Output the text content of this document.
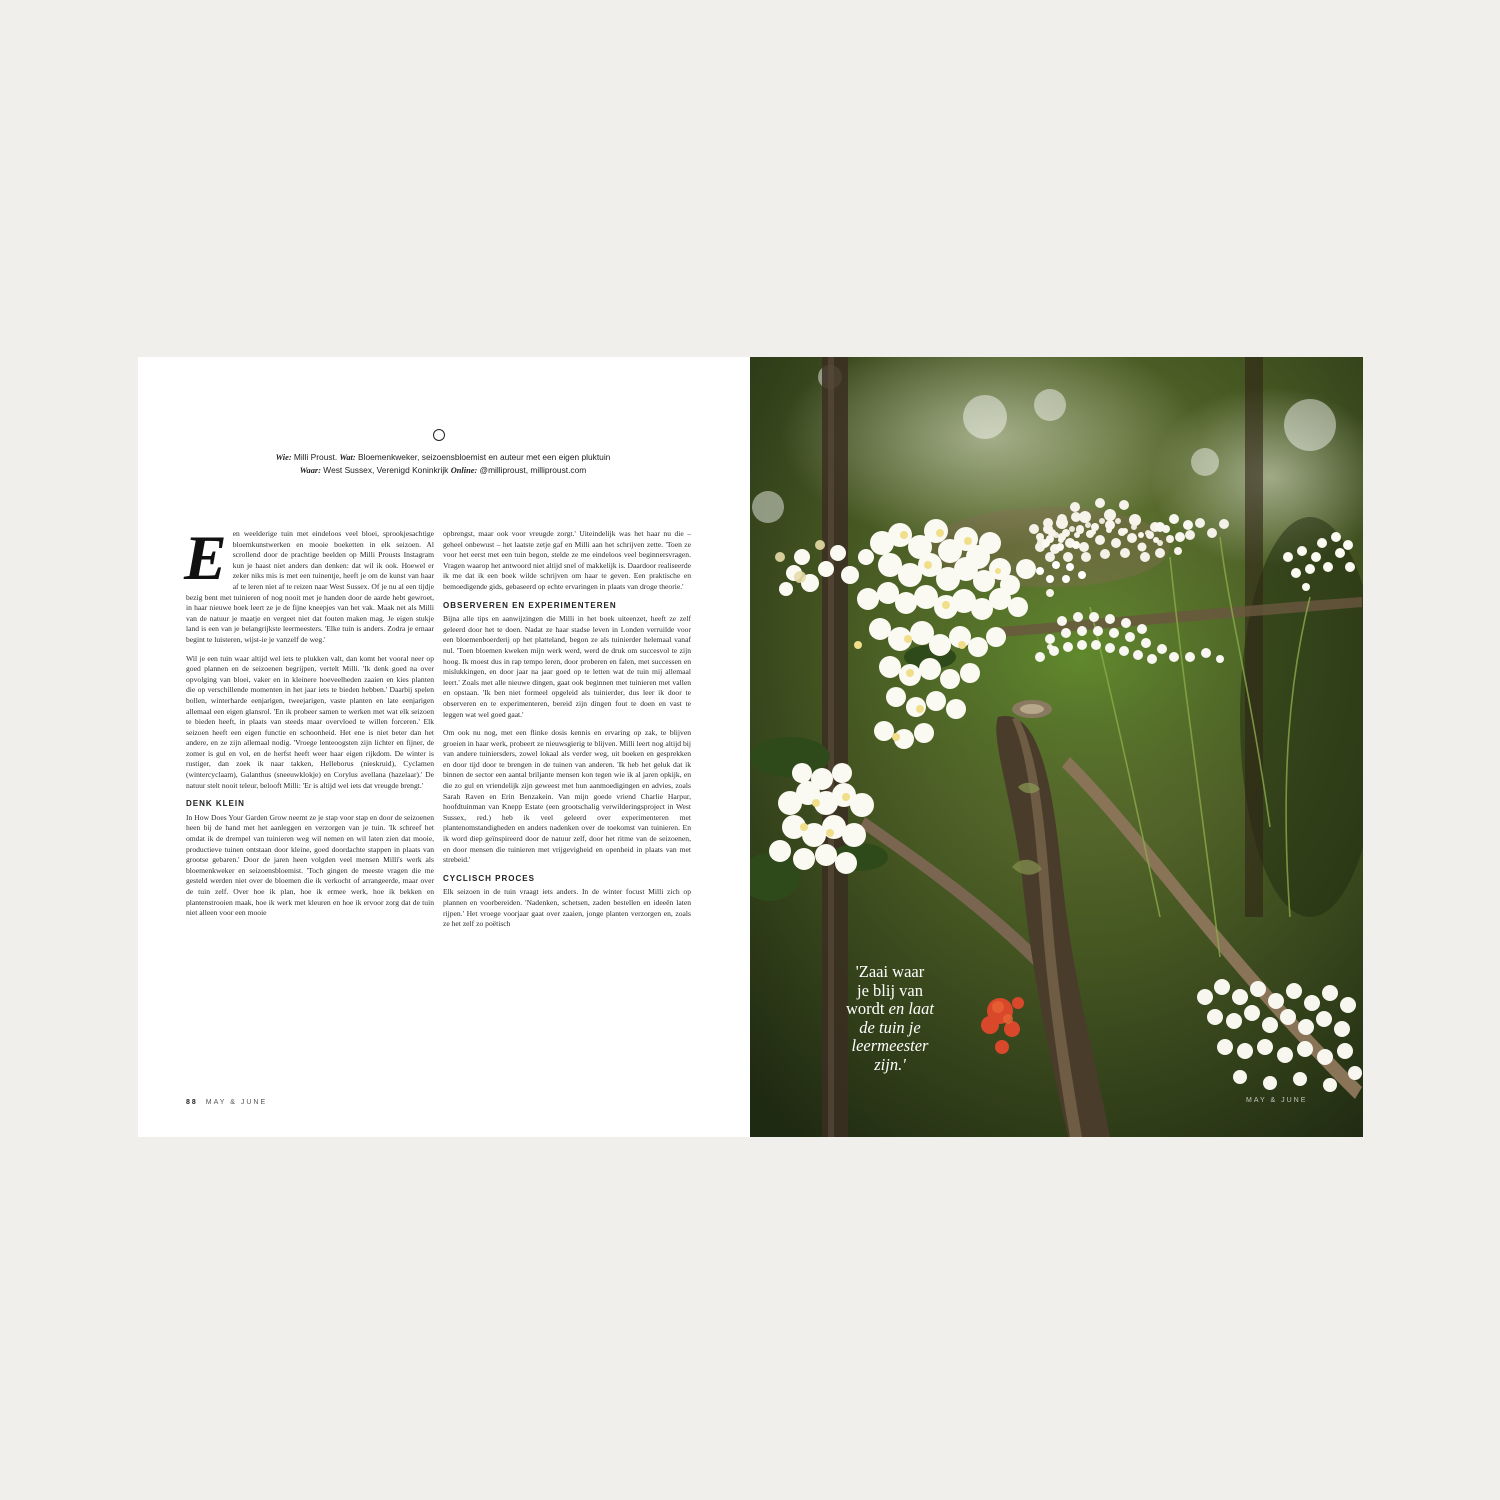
Wie: Milli Proust. Wat: Bloemenkweker, seizoensbloemist en auteur met een eigen pluktuin
Waar: West Sussex, Verenigd Koninkrijk Online: @milliproust, milliproust.com

Een weelderige tuin met eindeloos veel bloei, sprookjesachtige bloemkunstwerken en mooie boeketten in elk seizoen. Al scrollend door de prachtige beelden op Milli Prousts Instagram kun je haast niet anders dan denken: dat wil ik ook. Hoewel er zeker niks mis is met een tuinentje, heeft je om de kunst van haar af te leren niet af te reizen naar West Sussex. Of je nu al een tijdje bezig bent met tuinieren of nog nooit met je handen door de aarde hebt gewroet, in haar nieuwe boek leert ze je de fijne kneepjes van het vak. Maak net als Milli van de natuur je maatje en vergeet niet dat fouten maken mag. Je eigen stukje land is een van je belangrijkste leermeesters. 'Elke tuin is anders. Zodra je ernaar begint te luisteren, wijst-ie je vanzelf de weg.'

Wil je een tuin waar altijd wel iets te plukken valt, dan komt het vooral neer op goed plannen en de seizoenen begrijpen, vertelt Milli. 'Ik denk goed na over opvolging van bloei, vaker en in kleinere hoeveelheden zaaien en kies planten die op verschillende momenten in het jaar iets te bieden hebben.' Daarbij spelen bollen, winterharde eenjarigen, tweejarigen, vaste planten en late eenjarigen allemaal een eigen glansrol. 'En ik probeer samen te werken met wat elk seizoen te bieden heeft, in plaats van steeds maar overvloed te willen forceren.' Elk seizoen heeft een eigen functie en schoonheid. Het ene is niet beter dan het andere, en ze zijn allemaal nodig. 'Vroege lenteoogsten zijn lichter en fijner, de zomer is gul en vol, en de herfst heeft weer haar eigen rijkdom. De winter is rustiger, dan zoek ik naar takken, Helleborus (nieskruid), Cyclamen (wintercyclaam), Galanthus (sneeuwklokje) en Corylus avellana (hazelaar).' De natuur stelt nooit teleur, belooft Milli: 'Er is altijd wel iets dat vreugde brengt.'

DENK KLEIN

In How Does Your Garden Grow neemt ze je stap voor stap en door de seizoenen heen bij de hand met het aanleggen en verzorgen van je tuin. 'Ik schreef het omdat ik de drempel van tuinieren weg wil nemen en wil laten zien dat mooie, productieve tuinen ontstaan door kleine, goed doordachte stappen in plaats van grootse gebaren.' Door de jaren heen volgden veel mensen Milli's werk als bloemenkweker en seizoensbloemist. 'Toch gingen de meeste vragen die me gesteld werden niet over de bloemen die ik verkocht of arrangeerde, maar over de tuin zelf. Over hoe ik plan, hoe ik ermee werk, hoe ik bekken en plantenstrooien maak, hoe ik werk met kleuren en hoe ik ervoor zorg dat de tuin niet alleen voor een mooie

opbrengst, maar ook voor vreugde zorgt.' Uiteindelijk was het haar nu die – geheel onbewust – het laatste zetje gaf en Milli aan het schrijven zette. 'Toen ze voor het eerst met een tuin begon, stelde ze me eindeloos veel beginnersvragen. Vragen waarop het antwoord niet altijd snel of makkelijk is. Daardoor realiseerde ik me dat ik een boek wilde schrijven om haar te geven. Een praktische en bemoedigende gids, gebaseerd op echte ervaringen in plaats van droge theorie.'

OBSERVEREN EN EXPERIMENTEREN

Bijna alle tips en aanwijzingen die Milli in het boek uiteenzet, heeft ze zelf geleerd door het te doen. Nadat ze haar stadse leven in Londen verruilde voor een bloemenboerderij op het platteland, begon ze als tuinierder helemaal vanaf nul. 'Toen bloemen kweken mijn werk werd, werd de druk om succesvol te zijn hoog. Ik moest dus in rap tempo leren, door proberen en falen, met successen en mislukkingen, en door jaar na jaar goed op te letten wat de tuin mij allemaal leert.' Zoals met alle nieuwe dingen, gaat ook beginnen met tuinieren met vallen en opstaan. 'Ik ben niet formeel opgeleid als tuinierder, dus leer ik door te observeren en te experimenteren, bereid zijn dingen fout te doen en vast te leggen wat wel goed gaat.'

Om ook nu nog, met een flinke dosis kennis en ervaring op zak, te blijven groeien in haar werk, probeert ze nieuwsgierig te blijven. Milli leert nog altijd bij van andere tuiniersders, zowel lokaal als verder weg, uit boeken en gesprekken en door tijd door te brengen in de tuinen van anderen. 'Ik heb het geluk dat ik binnen de sector een aantal briljante mensen kon tegen wie ik al jaren opkijk, en die zo gul en vriendelijk zijn geweest met hun aanmoedigingen en advies, zoals Sarah Raven en Erin Benzakein. Van mijn goede vriend Charlie Harpur, hoofdtuinman van Knepp Estate (een grootschalig verwilderingsproject in West Sussex, red.) heb ik veel geleerd over experimenteren met plantenomstandigheden en anders nadenken over de toekomst van tuinieren. En ik word diep geïnspireerd door de natuur zelf, door het ritme van de seizoenen, en door mensen die tuinieren met vrijgevigheid en openheid in plaats van met strebeid.'

CYCLISCH PROCES

Elk seizoen in de tuin vraagt iets anders. In de winter focust Milli zich op plannen en voorbereiden. 'Nadenken, schetsen, zaden bestellen en ideeën laten rijpen.' Het vroege voorjaar gaat over zaaien, jonge planten verzorgen en, zoals ze het zelf zo poëtisch

88 MAY & JUNE
'Zaai waar
je blij van
wordt en laat
de tuin je
leermeester
zijn.'
MAY & JUNE
